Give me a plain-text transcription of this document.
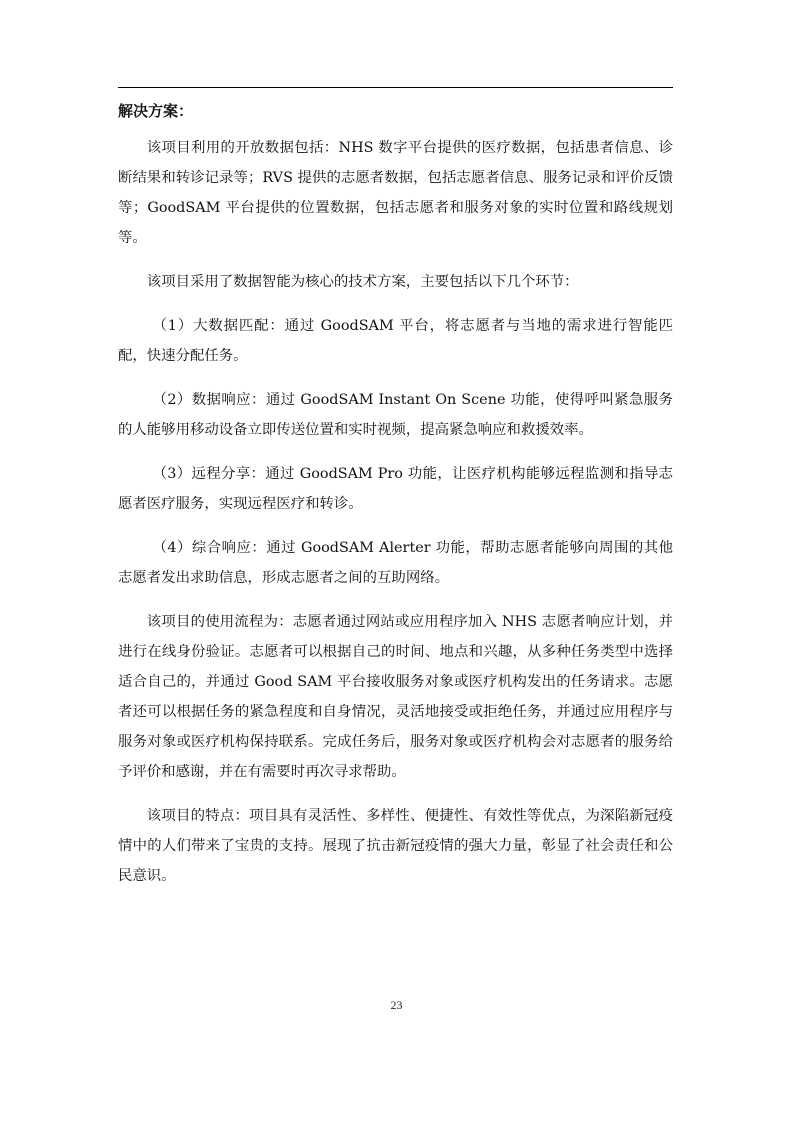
解决方案：

该项目利用的开放数据包括：NHS 数字平台提供的医疗数据，包括患者信息、诊断结果和转诊记录等；RVS 提供的志愿者数据，包括志愿者信息、服务记录和评价反馈等；GoodSAM 平台提供的位置数据，包括志愿者和服务对象的实时位置和路线规划等。

该项目采用了数据智能为核心的技术方案，主要包括以下几个环节：

（1）大数据匹配：通过 GoodSAM 平台，将志愿者与当地的需求进行智能匹配，快速分配任务。

（2）数据响应：通过 GoodSAM Instant On Scene 功能，使得呼叫紧急服务的人能够用移动设备立即传送位置和实时视频，提高紧急响应和救援效率。

（3）远程分享：通过 GoodSAM Pro 功能，让医疗机构能够远程监测和指导志愿者医疗服务，实现远程医疗和转诊。

（4）综合响应：通过 GoodSAM Alerter 功能，帮助志愿者能够向周围的其他志愿者发出求助信息，形成志愿者之间的互助网络。

该项目的使用流程为：志愿者通过网站或应用程序加入 NHS 志愿者响应计划，并进行在线身份验证。志愿者可以根据自己的时间、地点和兴趣，从多种任务类型中选择适合自己的，并通过 Good SAM 平台接收服务对象或医疗机构发出的任务请求。志愿者还可以根据任务的紧急程度和自身情况，灵活地接受或拒绝任务，并通过应用程序与服务对象或医疗机构保持联系。完成任务后，服务对象或医疗机构会对志愿者的服务给予评价和感谢，并在有需要时再次寻求帮助。

该项目的特点：项目具有灵活性、多样性、便捷性、有效性等优点，为深陷新冠疫情中的人们带来了宝贵的支持。展现了抗击新冠疫情的强大力量，彰显了社会责任和公民意识。

23
